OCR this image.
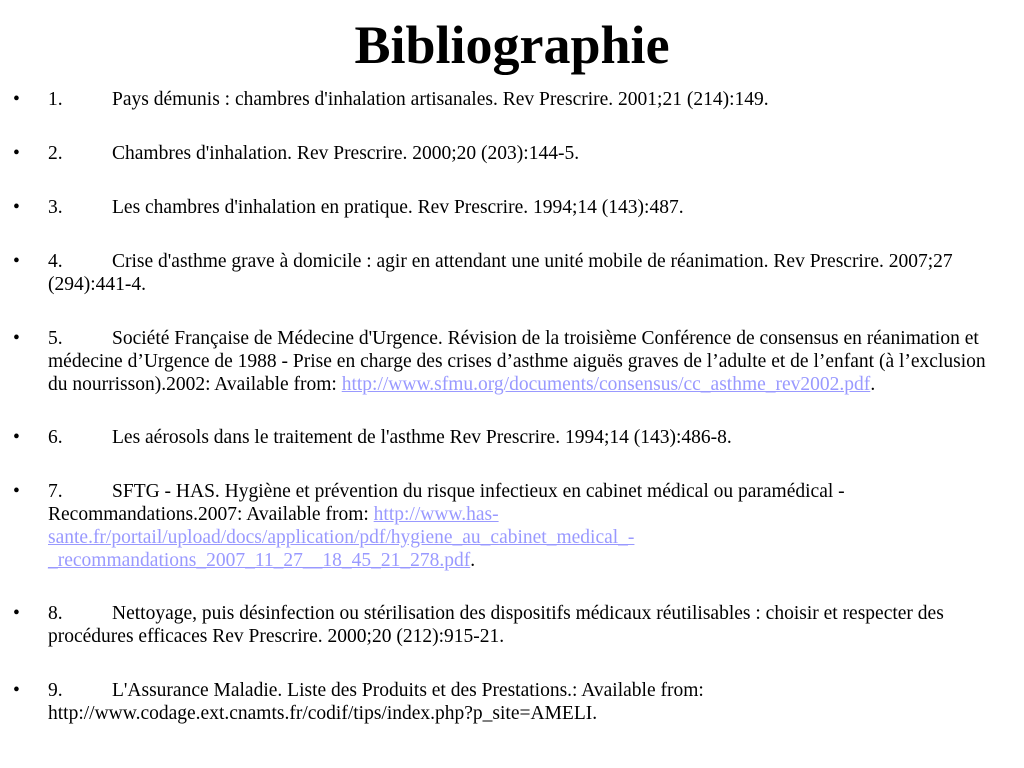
Bibliographie
• 1.	Pays démunis : chambres d'inhalation artisanales. Rev Prescrire. 2001;21 (214):149.
• 2.	Chambres d'inhalation. Rev Prescrire. 2000;20 (203):144-5.
• 3.	Les chambres d'inhalation en pratique. Rev Prescrire. 1994;14 (143):487.
• 4.	Crise d'asthme grave à domicile : agir en attendant une unité mobile de réanimation. Rev Prescrire. 2007;27 (294):441-4.
• 5.	Société Française de Médecine d'Urgence. Révision de la troisième Conférence de consensus en réanimation et médecine d’Urgence de 1988 - Prise en charge des crises d’asthme aiguës graves de l’adulte et de l’enfant (à l’exclusion du nourrisson).2002: Available from: http://www.sfmu.org/documents/consensus/cc_asthme_rev2002.pdf.
• 6.	Les aérosols dans le traitement de l'asthme Rev Prescrire. 1994;14 (143):486-8.
• 7.	SFTG - HAS. Hygiène et prévention du risque infectieux en cabinet médical ou paramédical - Recommandations.2007: Available from: http://www.has-sante.fr/portail/upload/docs/application/pdf/hygiene_au_cabinet_medical_-_recommandations_2007_11_27__18_45_21_278.pdf.
• 8.	Nettoyage, puis désinfection ou stérilisation des dispositifs médicaux réutilisables : choisir et respecter des procédures efficaces Rev Prescrire. 2000;20 (212):915-21.
• 9.	L'Assurance Maladie. Liste des Produits et des Prestations.: Available from: http://www.codage.ext.cnamts.fr/codif/tips/index.php?p_site=AMELI.
